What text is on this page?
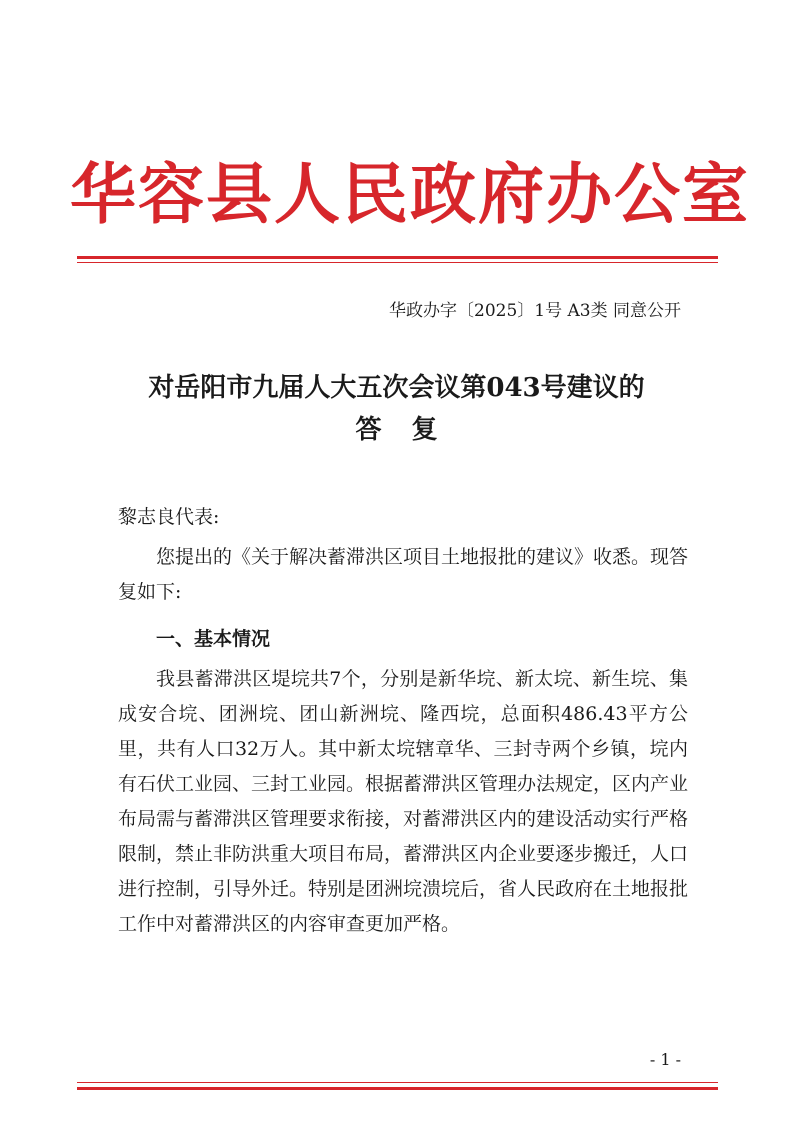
华容县人民政府办公室
华政办字〔2025〕1号 A3类 同意公开
对岳阳市九届人大五次会议第043号建议的
答复
黎志良代表:
您提出的《关于解决蓄滞洪区项目土地报批的建议》收悉。现答复如下:
一、基本情况
我县蓄滞洪区堤垸共7个，分别是新华垸、新太垸、新生垸、集成安合垸、团洲垸、团山新洲垸、隆西垸，总面积486.43平方公里，共有人口32万人。其中新太垸辖章华、三封寺两个乡镇，垸内有石伏工业园、三封工业园。根据蓄滞洪区管理办法规定，区内产业布局需与蓄滞洪区管理要求衔接，对蓄滞洪区内的建设活动实行严格限制，禁止非防洪重大项目布局，蓄滞洪区内企业要逐步搬迁，人口进行控制，引导外迁。特别是团洲垸溃垸后，省人民政府在土地报批工作中对蓄滞洪区的内容审查更加严格。
- 1 -
